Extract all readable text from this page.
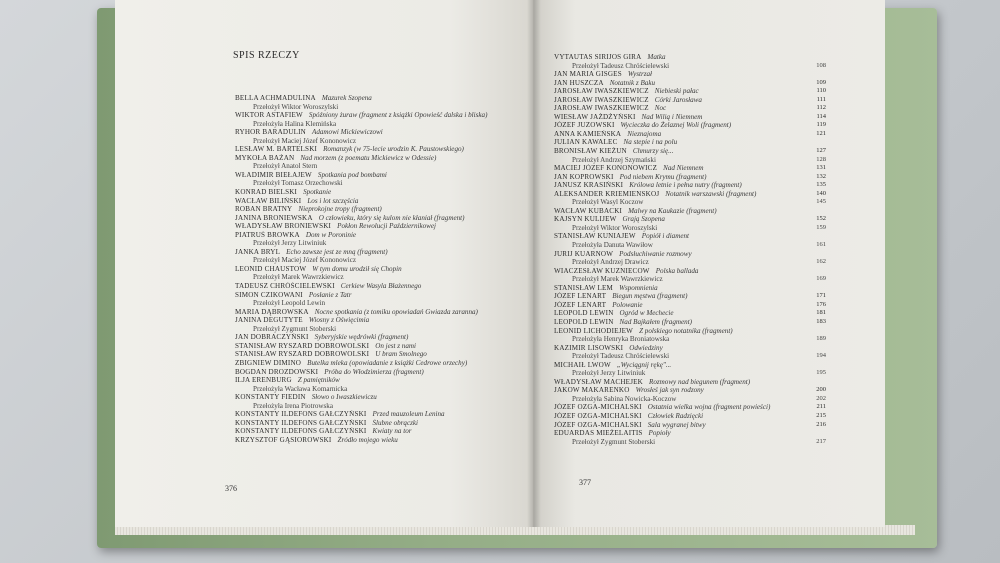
SPIS RZECZY
BELLA ACHMADULINA Mazurek Szopena
Przełożył Wiktor Woroszylski
WIKTOR ASTAFIEW Spóźniony żuraw (fragment z książki Opowieść dalska i bliska)
Przełożyła Halina Klemińska
RYHOR BARADULIN Adamowi Mickiewiczowi
Przełożył Maciej Józef Kononowicz
LESŁAW M. BARTELSKI Romanzyk (w 75-lecie urodzin K. Paustowskiego)
MYKOŁA BAŻAN Nad morzem (z poematu Mickiewicz w Odessie)
Przełożył Anatol Stern
WŁADIMIR BIEŁAJEW Spotkania pod bombami
Przełożył Tomasz Orzechowski
KONRAD BIELSKI Spotkanie
WACŁAW BILIŃSKI Los i lot szczęścia
ROBAN BRATNY Nieprokojne tropy (fragment)
JANINA BRONIEWSKA O człowieku, który się kulom nie kłaniał (fragment)
WŁADYSŁAW BRONIEWSKI Pokłon Rewolucji Październikowej
PIATRUŚ BROWKA Dom w Poroninie
Przełożył Jerzy Litwiniuk
JANKA BRYL Echo zawsze jest ze mną (fragment)
Przełożył Maciej Józef Kononowicz
LEONID CHAUSTOW W tym domu urodził się Chopin
Przełożył Marek Wawrzkiewicz
TADEUSZ CHRÓŚCIELEWSKI Cerkiew Wasyla Błażennego
SIMON CZIKOWANI Posłanie z Tatr
Przełożył Leopold Lewin
MARIA DĄBROWSKA Nocne spotkania (z tomiku opowiadań Gwiazda zaranna)
JANINA DEGUTYTE Wiosny z Oświęcimia
Przełożył Zygmunt Stoberski
JAN DOBRACZYŃSKI Syberyjskie wędrówki (fragment)
STANISŁAW RYSZARD DOBROWOLSKI On jest z nami
STANISŁAW RYSZARD DOBROWOLSKI U bram Smolnego
ZBIGNIEW DIMINO Butelka mleka (opowiadanie z książki Cedrowe orzechy)
BOGDAN DROZDOWSKI Próba do Włodzimierza (fragment)
ILJA ERENBURG Z pamiętników
Przełożyła Wacława Komarnicka
KONSTANTY FIEDIN Słowo o Iwaszkiewiczu
Przełożyła Irena Piotrowska
KONSTANTY ILDEFONS GAŁCZYŃSKI Przed mauzoleum Lenina
KONSTANTY ILDEFONS GAŁCZYŃSKI Ślubne obrączki
KONSTANTY ILDEFONS GAŁCZYŃSKI Kwiaty na tor
KRZYSZTOF GĄSIOROWSKI Źródło mojego wieku
376
VYTAUTAS SIRIJOS GIRA Matka
Przełożył Tadeusz Chróścielewski	108
JAN MARIA GISGES Wystrzał
JAN HUSZCZA Notatnik z Baku	109
JAROSŁAW IWASZKIEWICZ Niebieski pałac	110
JAROSŁAW IWASZKIEWICZ Córki Jarosława	111
JAROSŁAW IWASZKIEWICZ Noc	112
WIESŁAW JAŻDŻYŃSKI Nad Wilią i Niemnem	114
JÓZEF JUZOWSKI Wycieczka do Żelaznej Woli (fragment)	119
ANNA KAMIEŃSKA Nieznajoma	121
JULIAN KAWALEC Na stepie i na polu
BRONISŁAW KIEŻUN Chmurzy się...	127
Przełożył Andrzej Szymański	128
MACIEJ JÓZEF KONONOWICZ Nad Niemnem	131
JAN KOPROWSKI Pod niebem Krymu (fragment)	132
JANUSZ KRASIŃSKI Królowa letnie i pełna nutry (fragment)	135
ALEKSANDER KRIEMIENSKOJ Notatnik warszawski (fragment)	140
Przełożył Wasyl Koczow	145
WACŁAW KUBACKI Malwy na Kaukazie (fragment)
KAJSYN KULIJEW Grają Szopena	152
Przełożył Wiktor Woroszylski	159
STANISŁAW KUNIAJEW Popiół i diament
Przełożyła Danuta Wawiłow	161
JURIJ KUARNOW Podsłuchiwanie rozmowy
Przełożył Andrzej Drawicz	162
WIACZESŁAW KUZNIECOW Polska ballada
Przełożył Marek Wawrzkiewicz	169
STANISŁAW LEM Wspomnienia
JÓZEF LENART Biegun męstwa (fragment)	171
JÓZEF LENART Polowanie	176
LEOPOLD LEWIN Ogród w Mechecie	181
LEOPOLD LEWIN Nad Bajkałem (fragment)	183
LEONID LICHODIEJEW Z polskiego notatnika (fragment)
Przełożyła Henryka Broniatowska	189
KAZIMIR LISOWSKI Odwiedziny
Przełożył Tadeusz Chróścielewski	194
MICHAIŁ LWOW „Wyciągnij rękę"...
Przełożył Jerzy Litwiniuk	195
WŁADYSŁAW MACHEJEK Rozmowy nad biegunem (fragment)
JAKOW MAKARENKO Wrosłeś jak syn rodzony	200
Przełożyła Sabina Nowicka-Koczow	202
JÓZEF OZGA-MICHALSKI Ostatnia wielka wojna (fragment powieści)	211
JÓZEF OZGA-MICHALSKI Człowiek Radzięcki	215
JÓZEF OZGA-MICHALSKI Sala wygranej bitwy	216
EDUARDAS MIEŻELAITIS Popioły
Przełożył Zygmunt Stoberski	217
377
